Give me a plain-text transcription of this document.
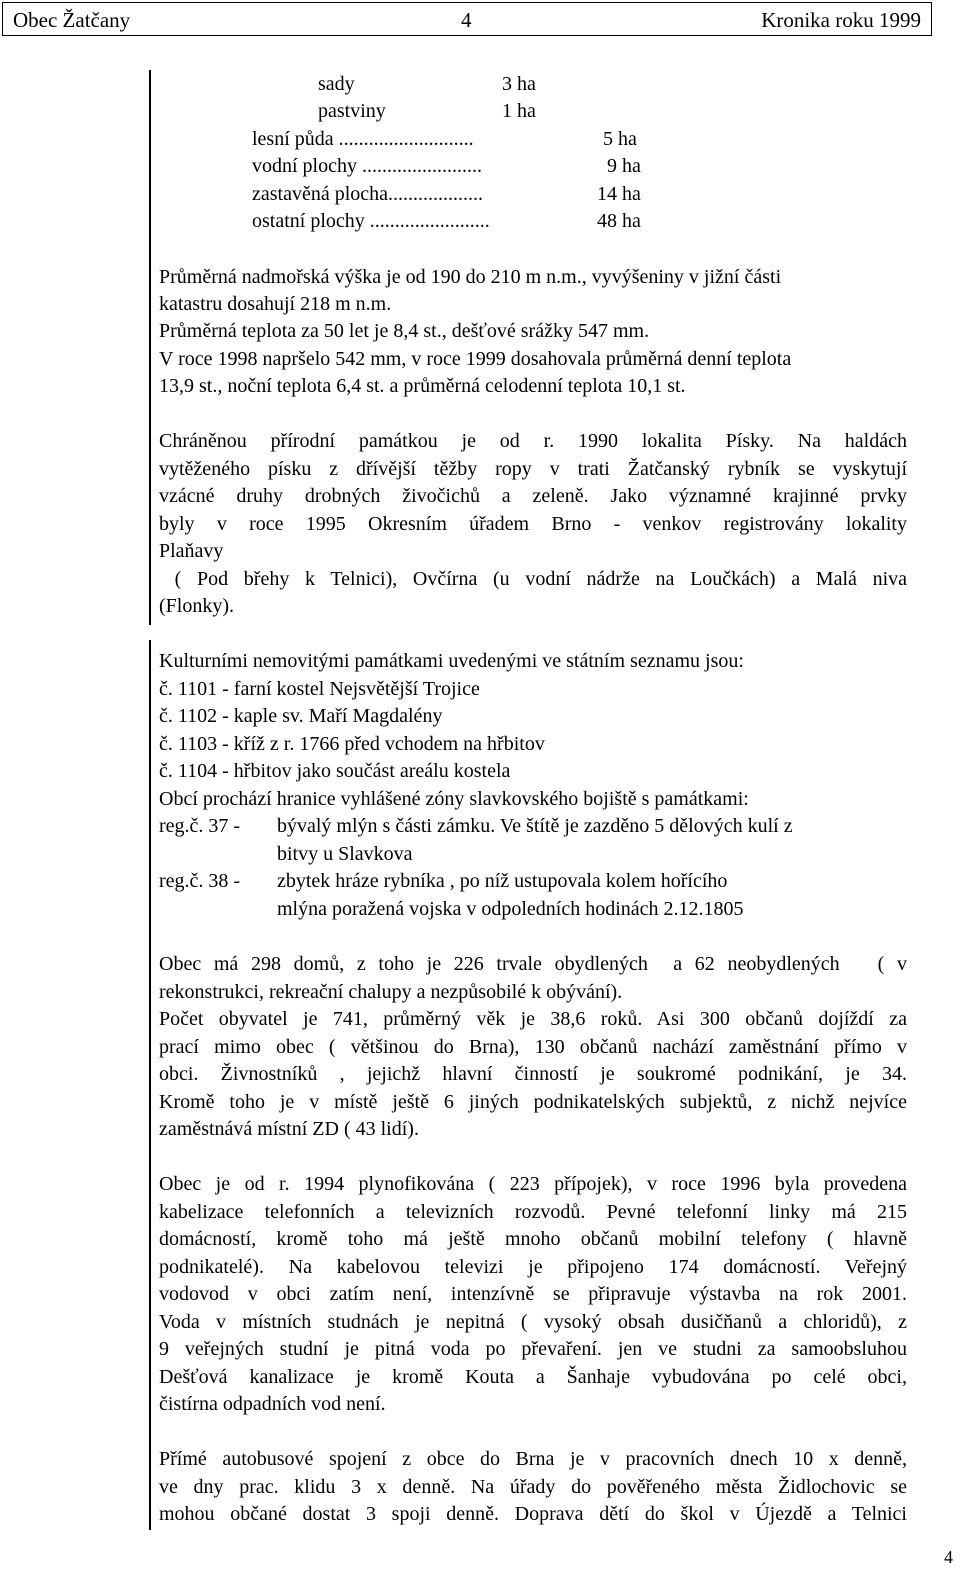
Obec Žatčany	4	Kronika roku 1999
sady	3 ha
pastviny	1 ha
lesní půda ...........................	5 ha
vodní plochy ........................	9 ha
zastavěná plocha...................	14 ha
ostatní plochy ........................	48 ha
Průměrná nadmořská výška je od 190 do 210 m n.m., vyvýšeniny v jižní části
katastru dosahují 218 m n.m.
Průměrná teplota za 50 let je 8,4 st., dešťové srážky 547 mm.
V roce 1998 napršelo 542 mm, v roce 1999 dosahovala průměrná denní teplota
13,9 st., noční teplota 6,4 st. a průměrná celodenní teplota 10,1 st.
Chráněnou přírodní památkou je od r. 1990 lokalita Písky. Na haldách
vytěženého písku z dřívější těžby ropy v trati Žatčanský rybník se vyskytují
vzácné druhy drobných živočichů a zeleně. Jako významné krajinné prvky
byly v roce 1995 Okresním úřadem Brno - venkov registrovány lokality
Plaňavy
( Pod břehy k Telnici), Ovčírna (u vodní nádrže na Loučkách) a Malá niva
(Flonky).
Kulturními nemovitými památkami uvedenými ve státním seznamu jsou:
č. 1101 - farní kostel Nejsvětější Trojice
č. 1102 - kaple sv. Maří Magdalény
č. 1103 - kříž z r. 1766 před vchodem na hřbitov
č. 1104 - hřbitov jako součást areálu kostela
Obcí prochází hranice vyhlášené zóny slavkovského bojiště s památkami:
reg.č. 37 - bývalý mlýn s části zámku. Ve štítě je zazděno 5 dělových kulí z
bitvy u Slavkova
reg.č. 38 - zbytek hráze rybníka , po níž ustupovala kolem hořícího
mlýna poražená vojska v odpoledních hodinách 2.12.1805
Obec má 298 domů, z toho je 226 trvale obydlených  a 62 neobydlených   ( v
rekonstrukci, rekreační chalupy a nezpůsobilé k obývání).
Počet obyvatel je 741, průměrný věk je 38,6 roků. Asi 300 občanů dojíždí za
prací mimo obec ( většinou do Brna), 130 občanů nachází zaměstnání přímo v
obci. Živnostníků , jejichž hlavní činností je soukromé podnikání, je 34.
Kromě toho je v místě ještě 6 jiných podnikatelských subjektů, z nichž nejvíce
zaměstnává místní ZD ( 43 lidí).
Obec je od r. 1994 plynofikována ( 223 přípojek), v roce 1996 byla provedena
kabelizace telefonních a televizních rozvodů. Pevné telefonní linky má 215
domácností, kromě toho má ještě mnoho občanů mobilní telefony ( hlavně
podnikatelé). Na kabelovou televizi je připojeno 174 domácností. Veřejný
vodovod v obci zatím není, intenzívně se připravuje výstavba na rok 2001.
Voda v místních studnách je nepitná ( vysoký obsah dusičňanů a chloridů), z
9 veřejných studní je pitná voda po převaření. jen ve studni za samoobsluhou
Dešťová kanalizace je kromě Kouta a Šanhaje vybudována po celé obci,
čistírna odpadních vod není.
Přímé autobusové spojení z obce do Brna je v pracovních dnech 10 x denně,
ve dny prac. klidu 3 x denně. Na úřady do pověřeného města Židlochovic se
mohou občané dostat 3 spoji denně. Doprava dětí do škol v Újezdě a Telnici
4
